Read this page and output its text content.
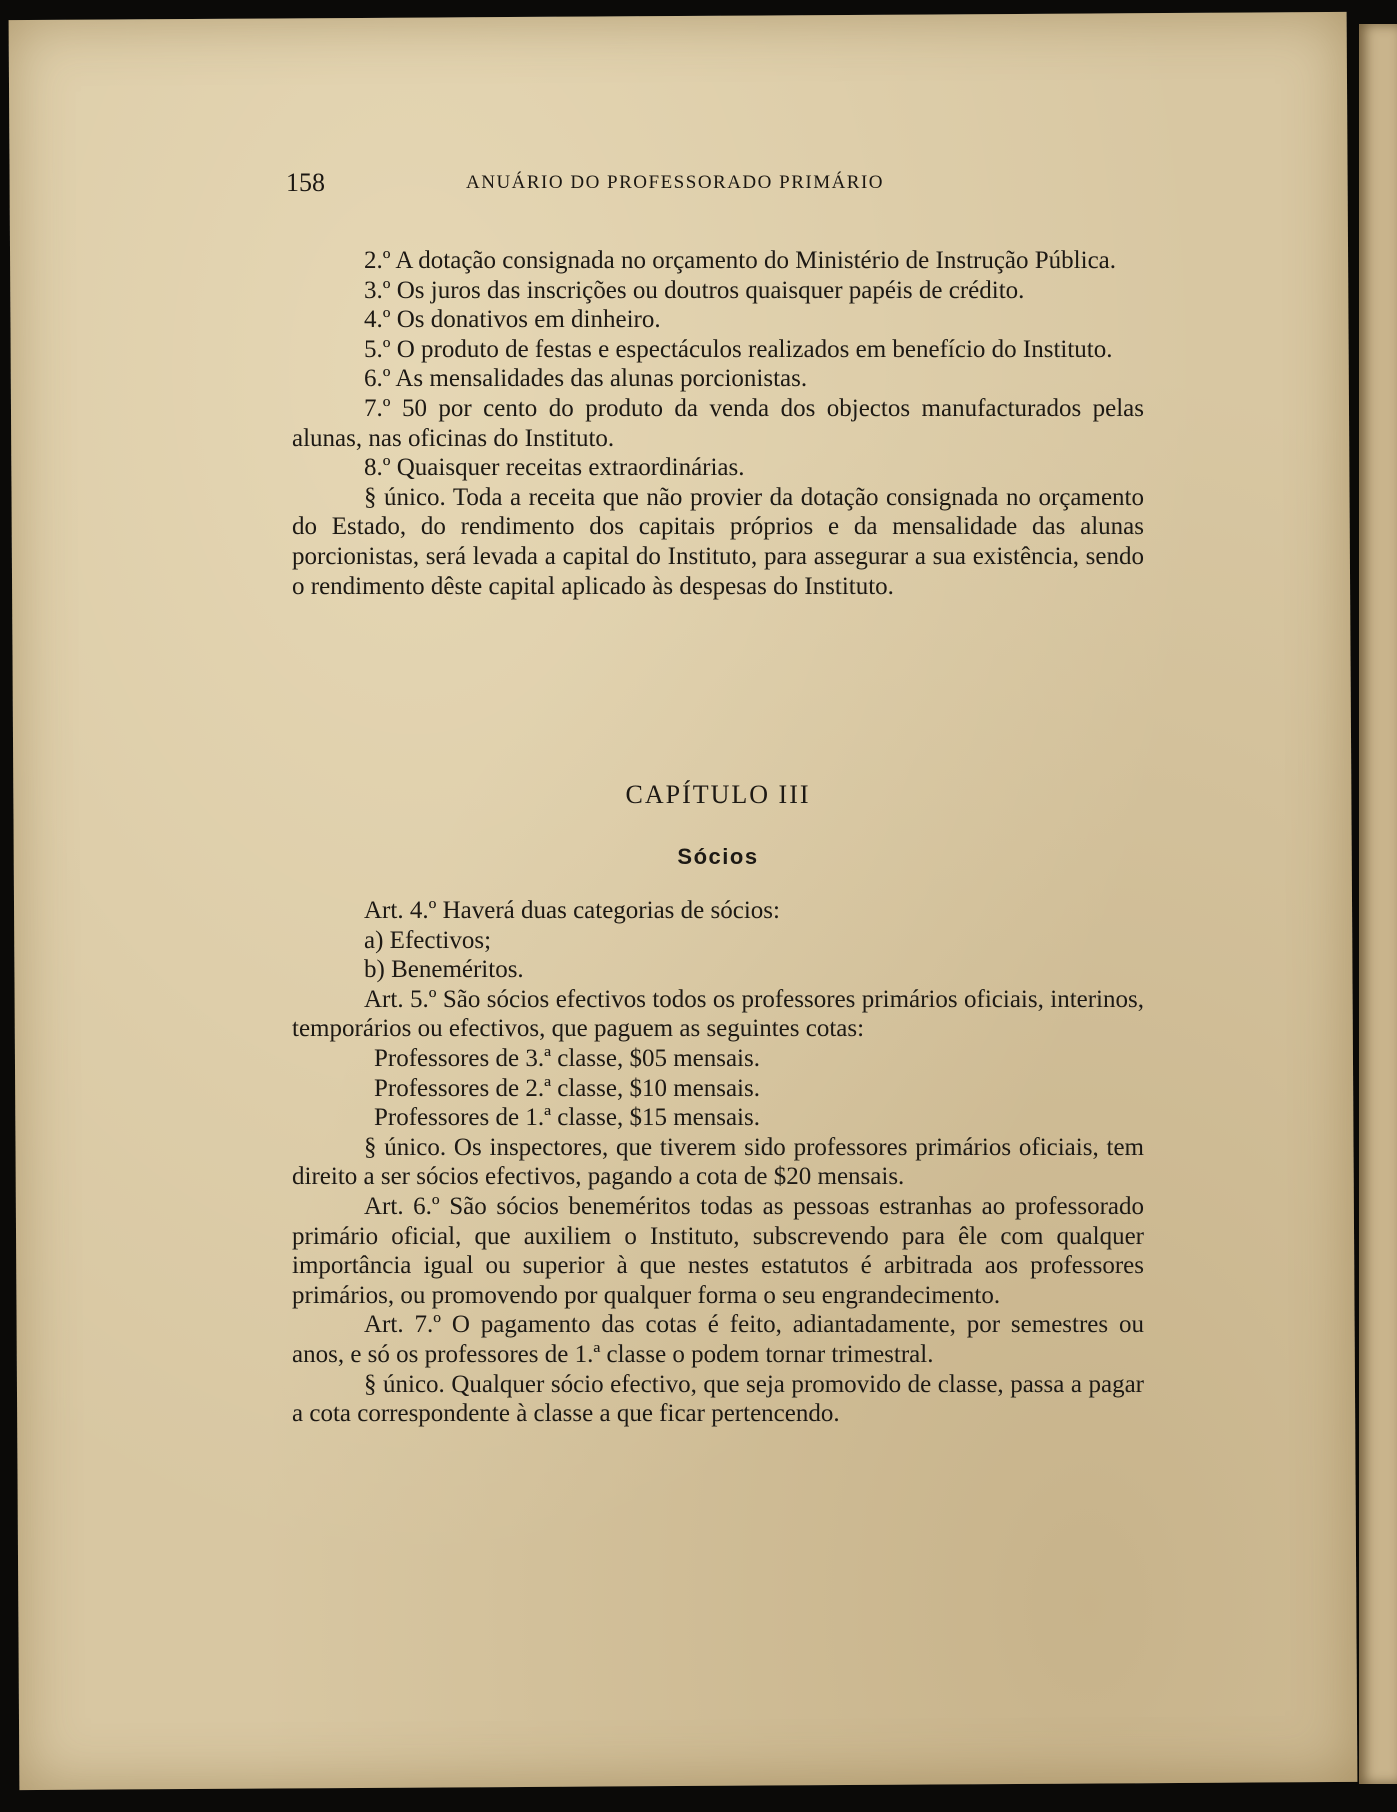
158	ANUÁRIO DO PROFESSORADO PRIMÁRIO

2.º A dotação consignada no orçamento do Ministério de Instrução Pública.

3.º Os juros das inscrições ou doutros quaisquer papéis de crédito.

4.º Os donativos em dinheiro.

5.º O produto de festas e espectáculos realizados em benefício do Instituto.

6.º As mensalidades das alunas porcionistas.

7.º 50 por cento do produto da venda dos objectos manufacturados pelas alunas, nas oficinas do Instituto.

8.º Quaisquer receitas extraordinárias.

§ único. Toda a receita que não provier da dotação consignada no orçamento do Estado, do rendimento dos capitais próprios e da mensalidade das alunas porcionistas, será levada a capital do Instituto, para assegurar a sua existência, sendo o rendimento dêste capital aplicado às despesas do Instituto.

CAPÍTULO III
Sócios

Art. 4.º Haverá duas categorias de sócios:

a) Efectivos;

b) Beneméritos.

Art. 5.º São sócios efectivos todos os professores primários oficiais, interinos, temporários ou efectivos, que paguem as seguintes cotas:

Professores de 3.ª classe, $05 mensais.

Professores de 2.ª classe, $10 mensais.

Professores de 1.ª classe, $15 mensais.

§ único. Os inspectores, que tiverem sido professores primários oficiais, tem direito a ser sócios efectivos, pagando a cota de $20 mensais.

Art. 6.º São sócios beneméritos todas as pessoas estranhas ao professorado primário oficial, que auxiliem o Instituto, subscrevendo para êle com qualquer importância igual ou superior à que nestes estatutos é arbitrada aos professores primários, ou promovendo por qualquer forma o seu engrandecimento.

Art. 7.º O pagamento das cotas é feito, adiantadamente, por semestres ou anos, e só os professores de 1.ª classe o podem tornar trimestral.

§ único. Qualquer sócio efectivo, que seja promovido de classe, passa a pagar a cota correspondente à classe a que ficar pertencendo.
